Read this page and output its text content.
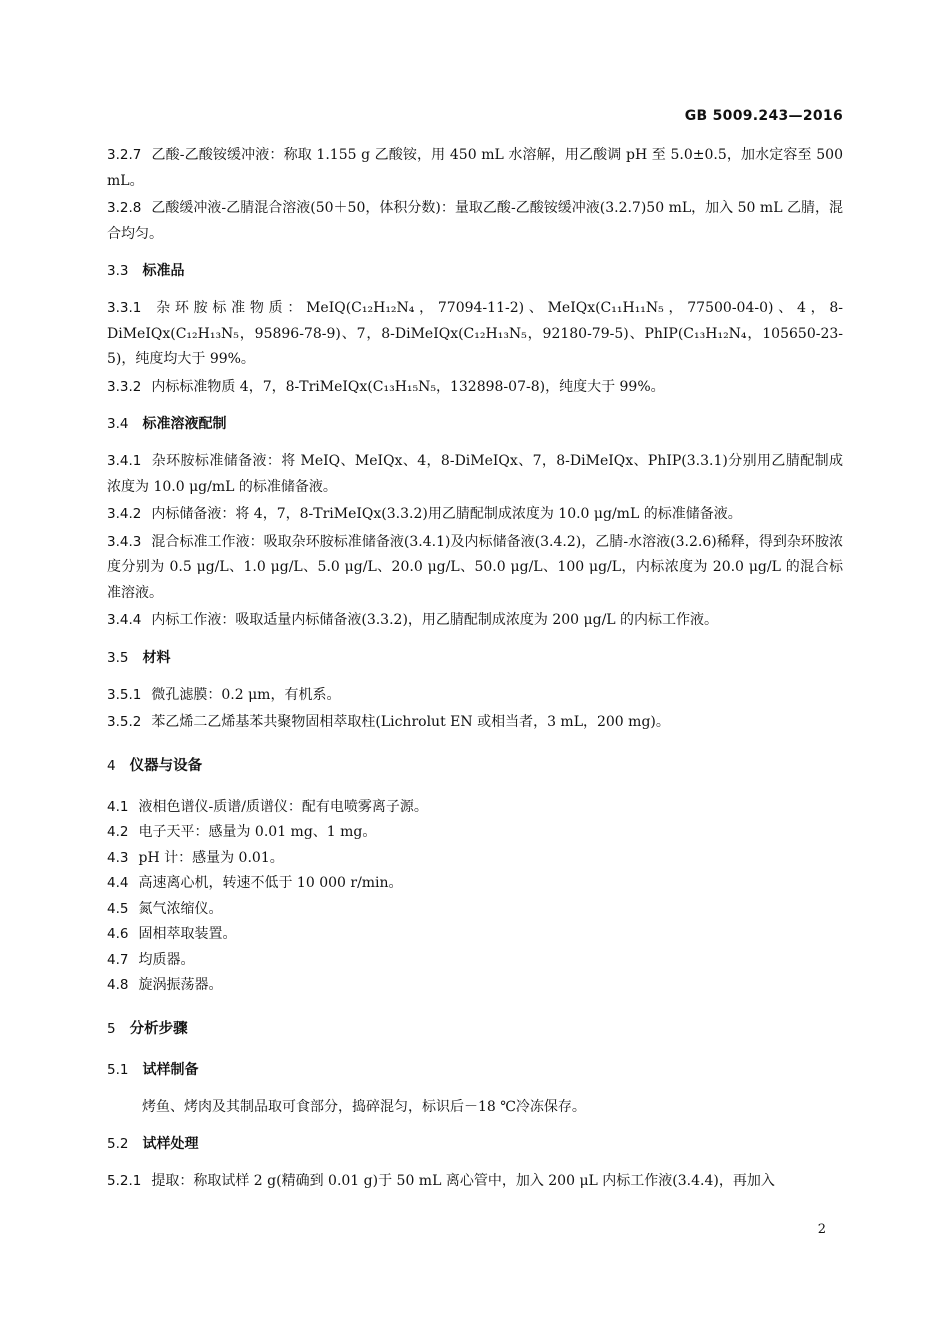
GB 5009.243—2016

3.2.7 乙酸-乙酸铵缓冲液：称取 1.155 g 乙酸铵，用 450 mL 水溶解，用乙酸调 pH 至 5.0±0.5，加水定容至 500 mL。

3.2.8 乙酸缓冲液-乙腈混合溶液(50＋50，体积分数)：量取乙酸-乙酸铵缓冲液(3.2.7)50 mL，加入 50 mL 乙腈，混合均匀。

3.3 标准品

3.3.1 杂环胺标准物质：MeIQ(C₁₂H₁₂N₄，77094-11-2)、MeIQx(C₁₁H₁₁N₅，77500-04-0)、4，8-DiMeIQx(C₁₂H₁₃N₅，95896-78-9)、7，8-DiMeIQx(C₁₂H₁₃N₅，92180-79-5)、PhIP(C₁₃H₁₂N₄，105650-23-5)，纯度均大于 99%。

3.3.2 内标标准物质 4，7，8-TriMeIQx(C₁₃H₁₅N₅，132898-07-8)，纯度大于 99%。

3.4 标准溶液配制

3.4.1 杂环胺标准储备液：将 MeIQ、MeIQx、4，8-DiMeIQx、7，8-DiMeIQx、PhIP(3.3.1)分别用乙腈配制成浓度为 10.0 μg/mL 的标准储备液。

3.4.2 内标储备液：将 4，7，8-TriMeIQx(3.3.2)用乙腈配制成浓度为 10.0 μg/mL 的标准储备液。

3.4.3 混合标准工作液：吸取杂环胺标准储备液(3.4.1)及内标储备液(3.4.2)，乙腈-水溶液(3.2.6)稀释，得到杂环胺浓度分别为 0.5 μg/L、1.0 μg/L、5.0 μg/L、20.0 μg/L、50.0 μg/L、100 μg/L，内标浓度为 20.0 μg/L 的混合标准溶液。

3.4.4 内标工作液：吸取适量内标储备液(3.3.2)，用乙腈配制成浓度为 200 μg/L 的内标工作液。

3.5 材料

3.5.1 微孔滤膜：0.2 μm，有机系。

3.5.2 苯乙烯二乙烯基苯共聚物固相萃取柱(Lichrolut EN 或相当者，3 mL，200 mg)。

4 仪器与设备

4.1 液相色谱仪-质谱/质谱仪：配有电喷雾离子源。

4.2 电子天平：感量为 0.01 mg、1 mg。

4.3 pH 计：感量为 0.01。

4.4 高速离心机，转速不低于 10 000 r/min。

4.5 氮气浓缩仪。

4.6 固相萃取装置。

4.7 均质器。

4.8 旋涡振荡器。

5 分析步骤
5.1 试样制备

烤鱼、烤肉及其制品取可食部分，捣碎混匀，标识后－18 ℃冷冻保存。

5.2 试样处理

5.2.1 提取：称取试样 2 g(精确到 0.01 g)于 50 mL 离心管中，加入 200 μL 内标工作液(3.4.4)，再加入

2
